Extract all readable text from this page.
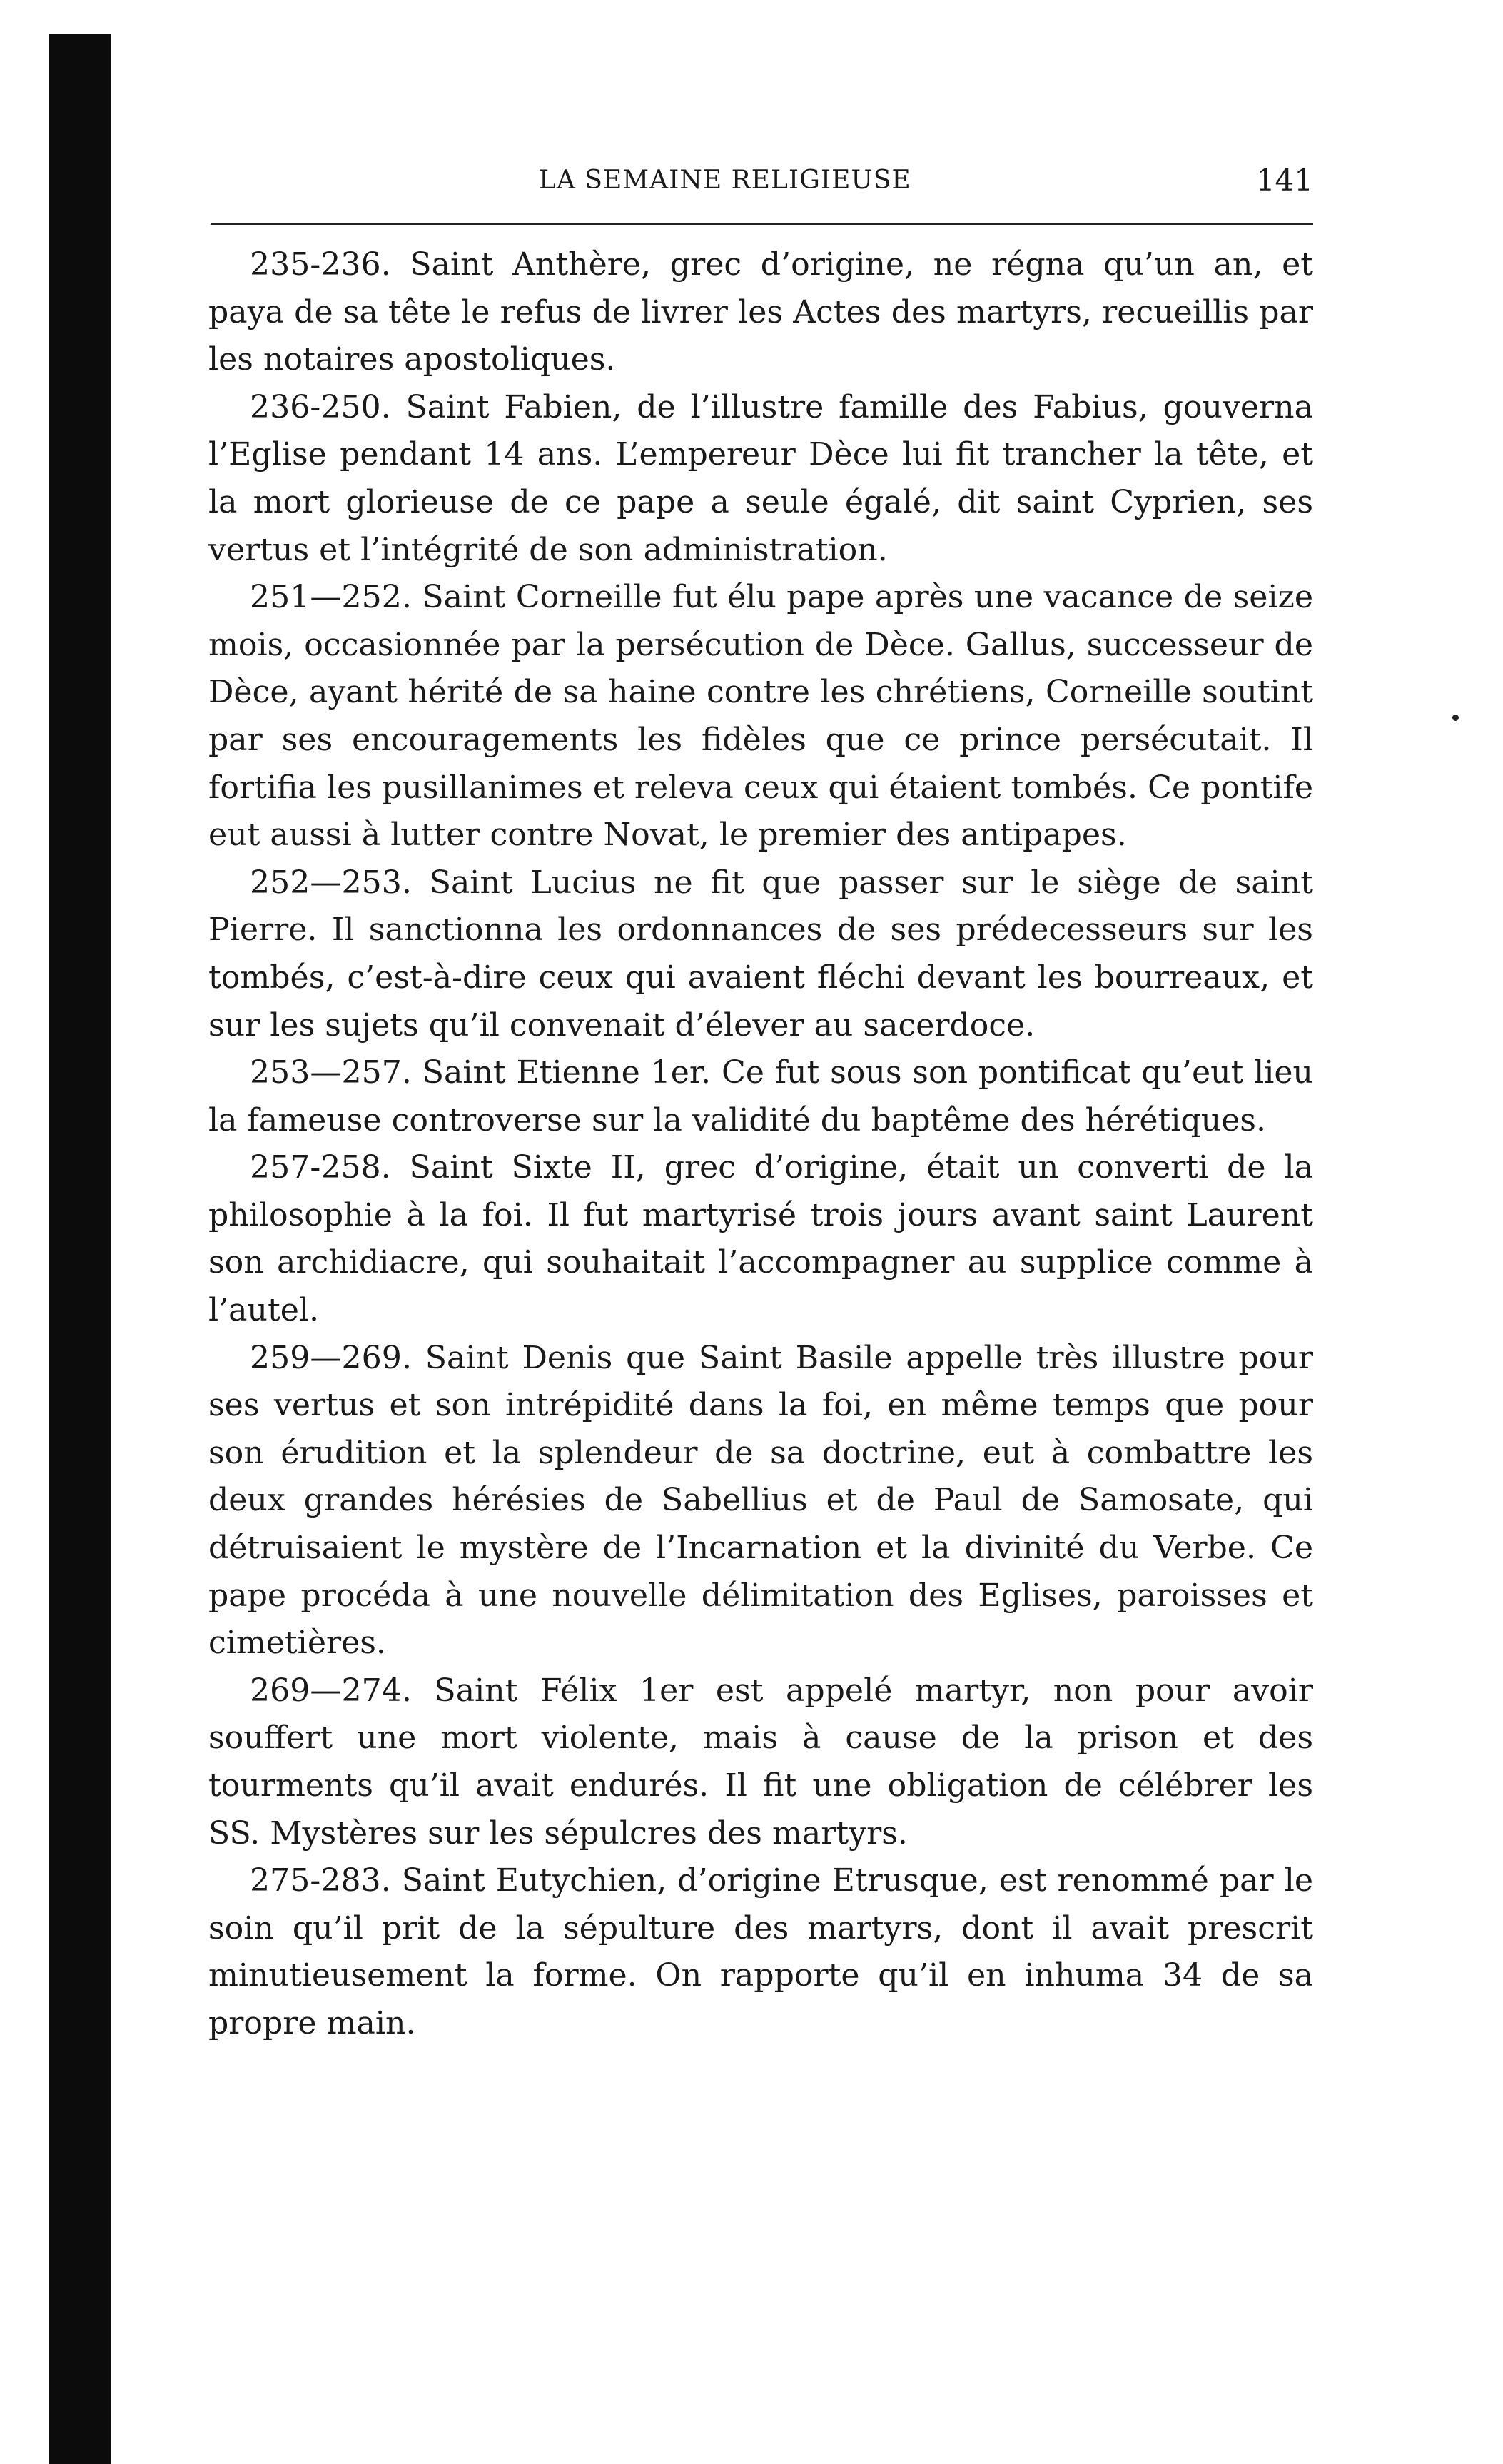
LA SEMAINE RELIGIEUSE	141

235-236. Saint Anthère, grec d’origine, ne régna qu’un an, et paya de sa tête le refus de livrer les Actes des martyrs, recueillis par les notaires apostoliques.

236-250. Saint Fabien, de l’illustre famille des Fabius, gouverna l’Eglise pendant 14 ans. L’empereur Dèce lui fit trancher la tête, et la mort glorieuse de ce pape a seule égalé, dit saint Cyprien, ses vertus et l’intégrité de son administration.

251—252. Saint Corneille fut élu pape après une vacance de seize mois, occasionnée par la persécution de Dèce. Gallus, successeur de Dèce, ayant hérité de sa haine contre les chrétiens, Corneille soutint par ses encouragements les fidèles que ce prince persécutait. Il fortifia les pusillanimes et releva ceux qui étaient tombés. Ce pontife eut aussi à lutter contre Novat, le premier des antipapes.

252—253. Saint Lucius ne fit que passer sur le siège de saint Pierre. Il sanctionna les ordonnances de ses prédecesseurs sur les tombés, c’est-à-dire ceux qui avaient fléchi devant les bourreaux, et sur les sujets qu’il convenait d’élever au sacerdoce.

253—257. Saint Etienne 1er. Ce fut sous son pontificat qu’eut lieu la fameuse controverse sur la validité du baptême des hérétiques.

257-258. Saint Sixte II, grec d’origine, était un converti de la philosophie à la foi. Il fut martyrisé trois jours avant saint Laurent son archidiacre, qui souhaitait l’accompagner au supplice comme à l’autel.

259—269. Saint Denis que Saint Basile appelle très illustre pour ses vertus et son intrépidité dans la foi, en même temps que pour son érudition et la splendeur de sa doctrine, eut à combattre les deux grandes hérésies de Sabellius et de Paul de Samosate, qui détruisaient le mystère de l’Incarnation et la divinité du Verbe. Ce pape procéda à une nouvelle délimitation des Eglises, paroisses et cimetières.

269—274. Saint Félix 1er est appelé martyr, non pour avoir souffert une mort violente, mais à cause de la prison et des tourments qu’il avait endurés. Il fit une obligation de célébrer les SS. Mystères sur les sépulcres des martyrs.

275-283. Saint Eutychien, d’origine Etrusque, est renommé par le soin qu’il prit de la sépulture des martyrs, dont il avait prescrit minutieusement la forme. On rapporte qu’il en inhuma 34 de sa propre main.
